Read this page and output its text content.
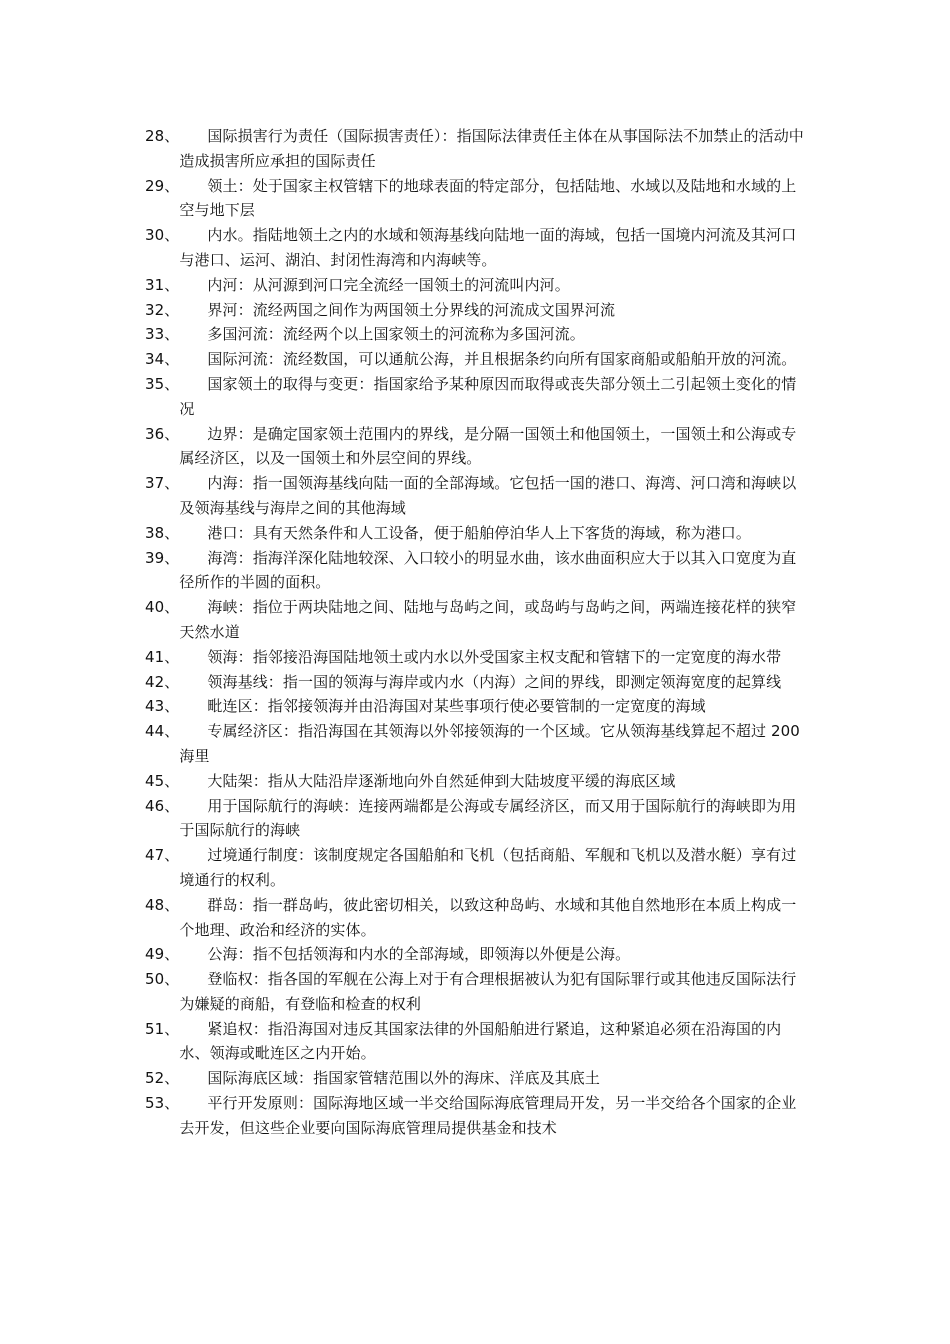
28、	国际损害行为责任（国际损害责任）：指国际法律责任主体在从事国际法不加禁止的活动中造成损害所应承担的国际责任
29、	领土：处于国家主权管辖下的地球表面的特定部分，包括陆地、水域以及陆地和水域的上空与地下层
30、	内水。指陆地领土之内的水域和领海基线向陆地一面的海域，包括一国境内河流及其河口与港口、运河、湖泊、封闭性海湾和内海峡等。
31、	内河：从河源到河口完全流经一国领土的河流叫内河。
32、	界河：流经两国之间作为两国领土分界线的河流成文国界河流
33、	多国河流：流经两个以上国家领土的河流称为多国河流。
34、	国际河流：流经数国，可以通航公海，并且根据条约向所有国家商船或船舶开放的河流。
35、	国家领土的取得与变更：指国家给予某种原因而取得或丧失部分领土二引起领土变化的情况
36、	边界：是确定国家领土范围内的界线，是分隔一国领土和他国领土，一国领土和公海或专属经济区，以及一国领土和外层空间的界线。
37、	内海：指一国领海基线向陆一面的全部海域。它包括一国的港口、海湾、河口湾和海峡以及领海基线与海岸之间的其他海域
38、	港口：具有天然条件和人工设备，便于船舶停泊华人上下客货的海域，称为港口。
39、	海湾：指海洋深化陆地较深、入口较小的明显水曲，该水曲面积应大于以其入口宽度为直径所作的半圆的面积。
40、	海峡：指位于两块陆地之间、陆地与岛屿之间，或岛屿与岛屿之间，两端连接花样的狭窄天然水道
41、	领海：指邻接沿海国陆地领土或内水以外受国家主权支配和管辖下的一定宽度的海水带
42、	领海基线：指一国的领海与海岸或内水（内海）之间的界线，即测定领海宽度的起算线
43、	毗连区：指邻接领海并由沿海国对某些事项行使必要管制的一定宽度的海域
44、	专属经济区：指沿海国在其领海以外邻接领海的一个区域。它从领海基线算起不超过 200 海里
45、	大陆架：指从大陆沿岸逐渐地向外自然延伸到大陆坡度平缓的海底区域
46、	用于国际航行的海峡：连接两端都是公海或专属经济区，而又用于国际航行的海峡即为用于国际航行的海峡
47、	过境通行制度：该制度规定各国船舶和飞机（包括商船、军舰和飞机以及潜水艇）享有过境通行的权利。
48、	群岛：指一群岛屿，彼此密切相关，以致这种岛屿、水域和其他自然地形在本质上构成一个地理、政治和经济的实体。
49、	公海：指不包括领海和内水的全部海域，即领海以外便是公海。
50、	登临权：指各国的军舰在公海上对于有合理根据被认为犯有国际罪行或其他违反国际法行为嫌疑的商船，有登临和检查的权利
51、	紧追权：指沿海国对违反其国家法律的外国船舶进行紧追，这种紧追必须在沿海国的内水、领海或毗连区之内开始。
52、	国际海底区域：指国家管辖范围以外的海床、洋底及其底土
53、	平行开发原则：国际海地区域一半交给国际海底管理局开发，另一半交给各个国家的企业去开发，但这些企业要向国际海底管理局提供基金和技术
